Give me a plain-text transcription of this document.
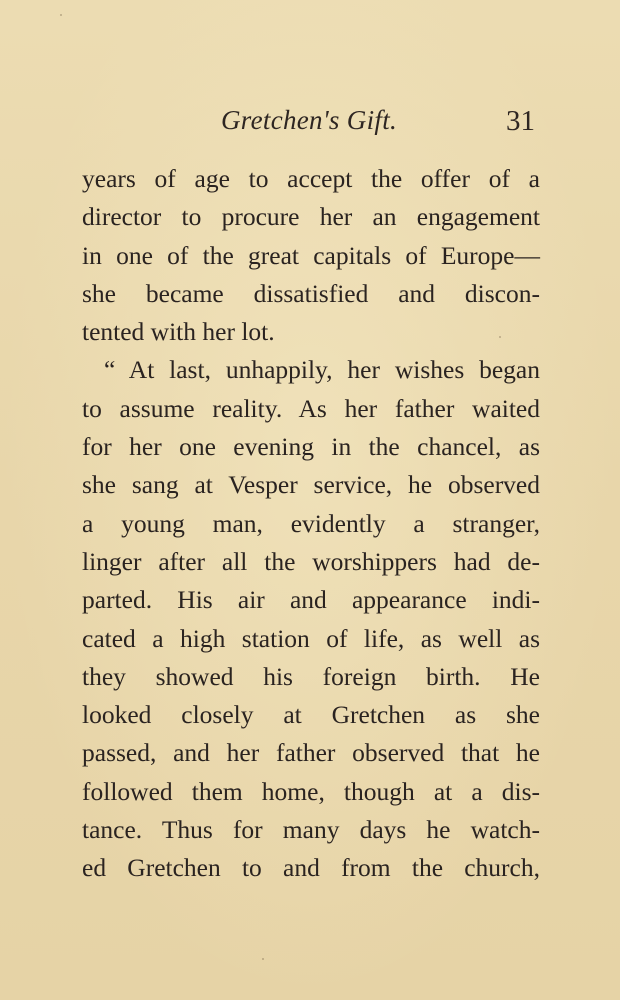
Gretchen's Gift.	31
years of age to accept the offer of a
director to procure her an engagement
in one of the great capitals of Europe—
she became dissatisfied and discon-
tented with her lot.
“ At last, unhappily, her wishes began
to assume reality. As her father waited
for her one evening in the chancel, as
she sang at Vesper service, he observed
a young man, evidently a stranger,
linger after all the worshippers had de-
parted. His air and appearance indi-
cated a high station of life, as well as
they showed his foreign birth. He
looked closely at Gretchen as she
passed, and her father observed that he
followed them home, though at a dis-
tance. Thus for many days he watch-
ed Gretchen to and from the church,
